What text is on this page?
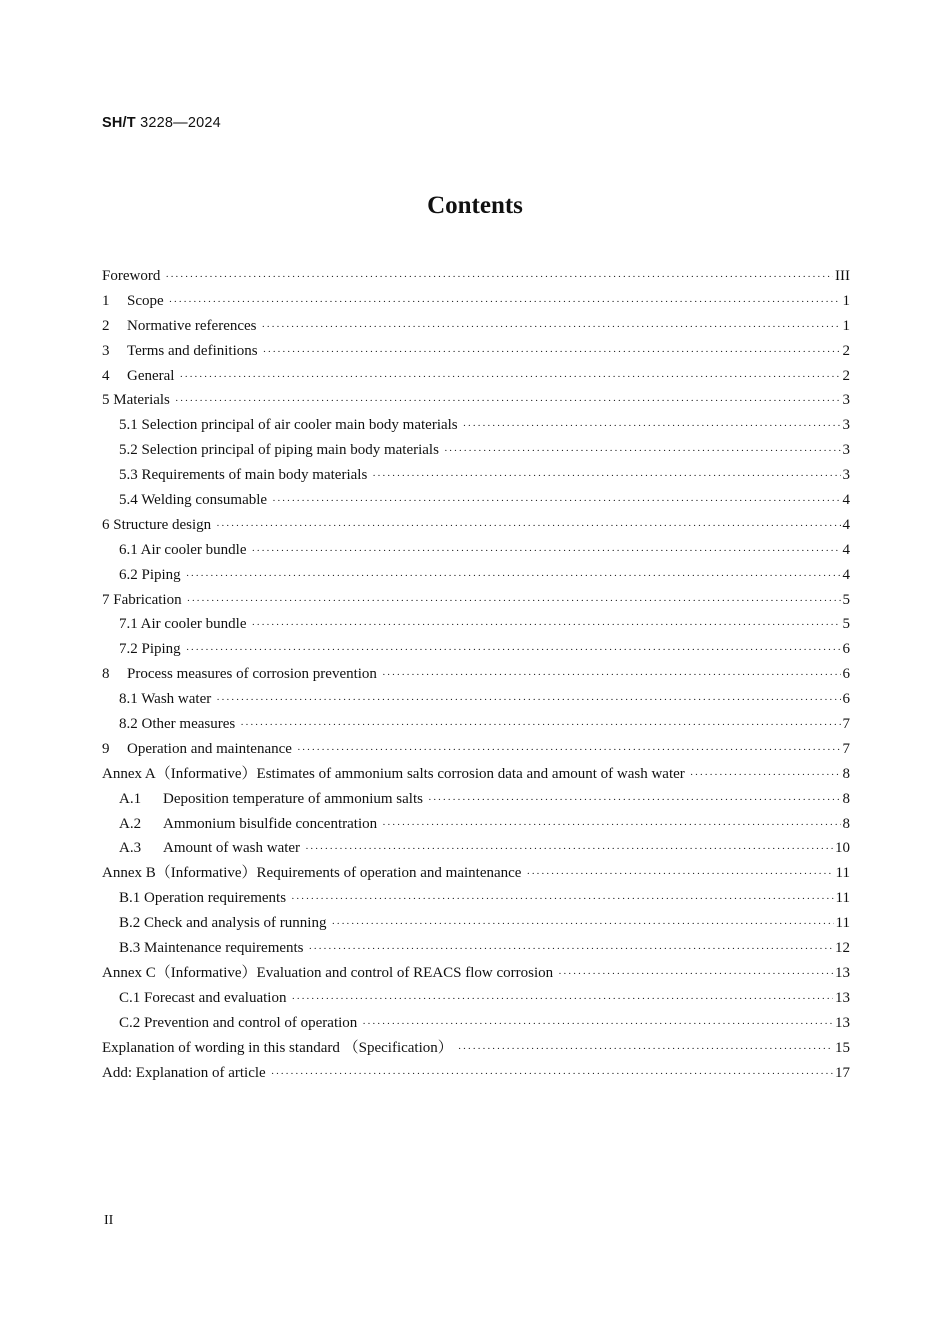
SH/T 3228—2024
Contents
Foreword ·····	III
1	Scope ·····	1
2	Normative references ·····	1
3	Terms and definitions ·····	2
4	General ·····	2
5 Materials ·····	3
5.1 Selection principal of air cooler main body materials ·····	3
5.2 Selection principal of piping main body materials ·····	3
5.3 Requirements of main body materials ·····	3
5.4 Welding consumable ·····	4
6 Structure design ·····	4
6.1 Air cooler bundle ·····	4
6.2 Piping ·····	4
7 Fabrication ·····	5
7.1 Air cooler bundle ·····	5
7.2 Piping ·····	6
8	Process measures of corrosion prevention ·····	6
8.1 Wash water ·····	6
8.2 Other measures ·····	7
9	Operation and maintenance ·····	7
Annex A（Informative）Estimates of ammonium salts corrosion data and amount of wash water ·····	8
A.1	Deposition temperature of ammonium salts ·····	8
A.2	Ammonium bisulfide concentration ·····	8
A.3	Amount of wash water ·····	10
Annex B（Informative）Requirements of operation and maintenance ·····	11
B.1 Operation requirements ·····	11
B.2 Check and analysis of running ·····	11
B.3 Maintenance requirements ·····	12
Annex C（Informative）Evaluation and control of REACS flow corrosion ·····	13
C.1 Forecast and evaluation ·····	13
C.2 Prevention and control of operation ·····	13
Explanation of wording in this standard （Specification） ·····	15
Add: Explanation of article ·····	17
II
